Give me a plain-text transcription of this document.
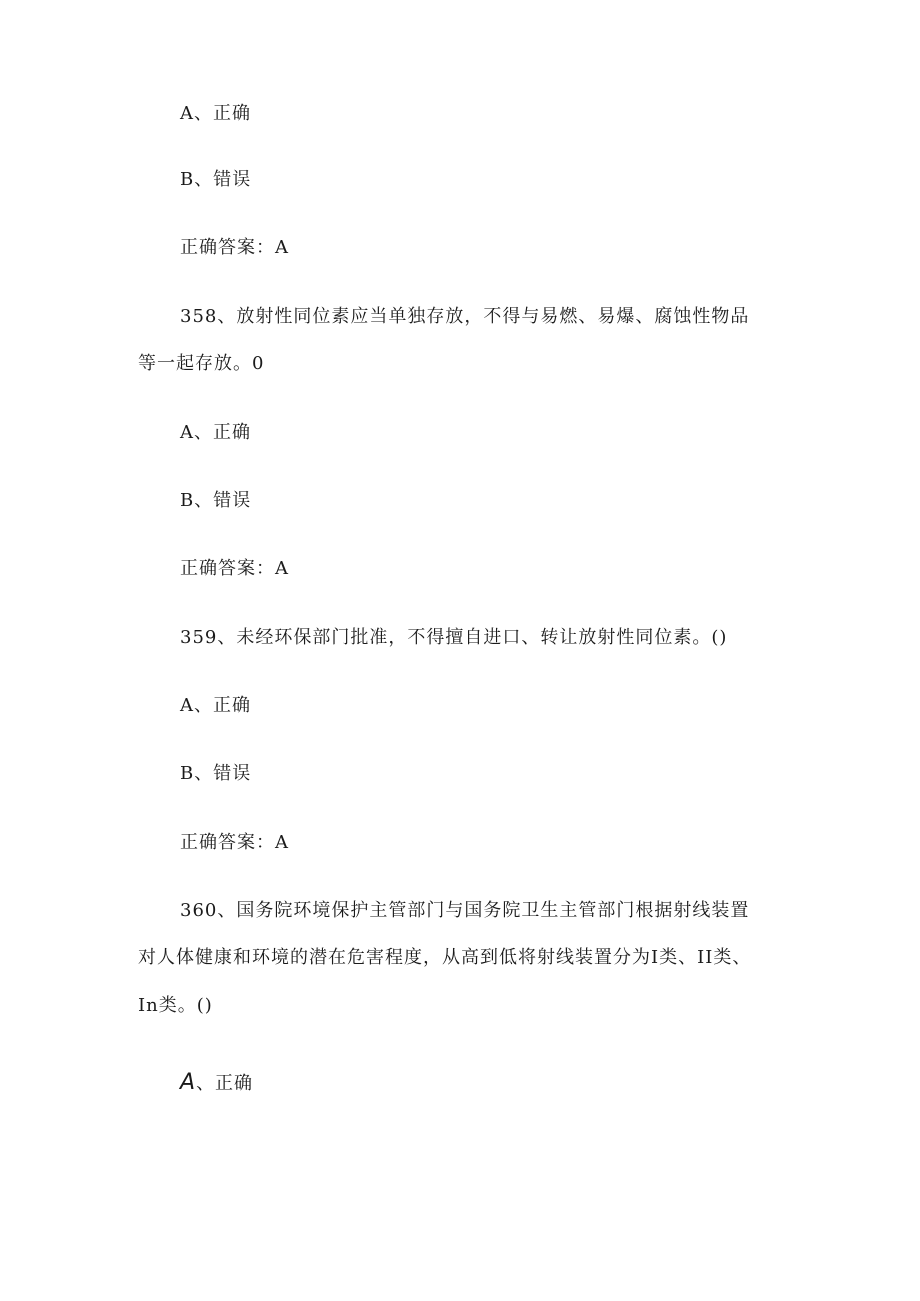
A、正确
B、错误
正确答案：A
358、放射性同位素应当单独存放，不得与易燃、易爆、腐蚀性物品
等一起存放。0
A、正确
B、错误
正确答案：A
359、未经环保部门批准，不得擅自进口、转让放射性同位素。()
A、正确
B、错误
正确答案：A
360、国务院环境保护主管部门与国务院卫生主管部门根据射线装置
对人体健康和环境的潜在危害程度，从高到低将射线装置分为I类、II类、
In类。()
A、正确
